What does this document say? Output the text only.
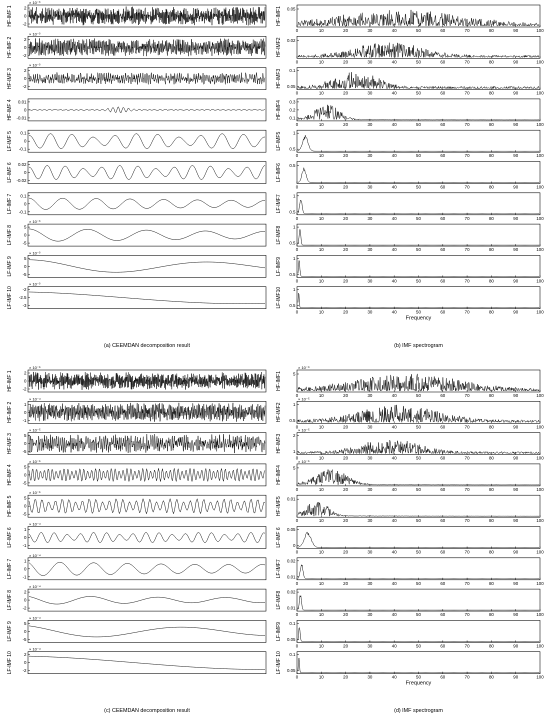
2
0
-2
× 10⁻³
HF-IMF 1
2
0
-2
× 10⁻³
HF-IMF 2
2
0
-2
× 10⁻³
HF-IMF 3
0.01
0
-0.01
HF-IMF 4
0.1
0
-0.1
LF-IMF 5
0.02
0
-0.02
LF-IMF 6
0.1
0
-0.1
LF-IMF 7
5
0
-5
× 10⁻³
LF-IMF 8
5
0
-5
× 10⁻³
LF-IMF 9
-2
-2.5
-3
× 10⁻³
LF-IMF 10
(a) CEEMDAN decomposition result
0.05
HF-IMF1
0	10	20	30	40	50	60	70	80	90	100
0.02
HF-IMF2
0	10	20	30	40	50	60	70	80	90	100
0.1
0.05
HF-IMF3
0	10	20	30	40	50	60	70	80	90	100
0.3
0.2
0.1
HF-IMF4
0	10	20	30	40	50	60	70	80	90	100
1
0.5
LF-IMF5
0	10	20	30	40	50	60	70	80	90	100
0.5
LF-IMF6
0	10	20	30	40	50	60	70	80	90	100
1
0.5
LF-IMF7
0	10	20	30	40	50	60	70	80	90	100
1
0.5
LF-IMF8
0	10	20	30	40	50	60	70	80	90	100
1
0.5
LF-IMF9
0	10	20	30	40	50	60	70	80	90	100
1
0.5
LF-IMF10
0	10	20	30	40	50	60	70	80	90	100
Frequency
(b) IMF spectrogram
2
0
-2
× 10⁻⁵
HF-IMF 1
1
0
-1
× 10⁻⁴
HF-IMF 2
5
0
-5
× 10⁻⁵
HF-IMF 3
5
0
-5
× 10⁻⁵
HF-IMF 4
5
0
-5
× 10⁻⁵
HF-IMF 5
1
0
-1
× 10⁻⁴
LF-IMF 6
1
0
-1
× 10⁻⁴
LF-IMF 7
2
0
-2
× 10⁻⁴
LF-IMF 8
5
0
-5
× 10⁻⁴
LF-IMF 9
2
0
-2
× 10⁻⁴
LF-IMF 10
(c) CEEMDAN decomposition result
5
× 10⁻⁶
HF-IMF1
0	10	20	30	40	50	60	70	80	90	100
1
0.5
× 10⁻⁵
HF-IMF2
0	10	20	30	40	50	60	70	80	90	100
2
1
× 10⁻⁵
HF-IMF3
0	10	20	30	40	50	60	70	80	90	100
5
× 10⁻⁵
HF-IMF4
0	10	20	30	40	50	60	70	80	90	100
0.01
HF-IMF5
0	10	20	30	40	50	60	70	80	90	100
0.05
0
LF-IMF 6
0	10	20	30	40	50	60	70	80	90	100
0.02
0.01
LF-IMF7
0	10	20	30	40	50	60	70	80	90	100
0.02
0.01
LF-IMF8
0	10	20	30	40	50	60	70	80	90	100
0.1
0.05
LF-IMF9
0	10	20	30	40	50	60	70	80	90	100
0.1
0.05
LF-IMF 10
0	10	20	30	40	50	60	70	80	90	100
Frequency
(d) IMF spectrogram
